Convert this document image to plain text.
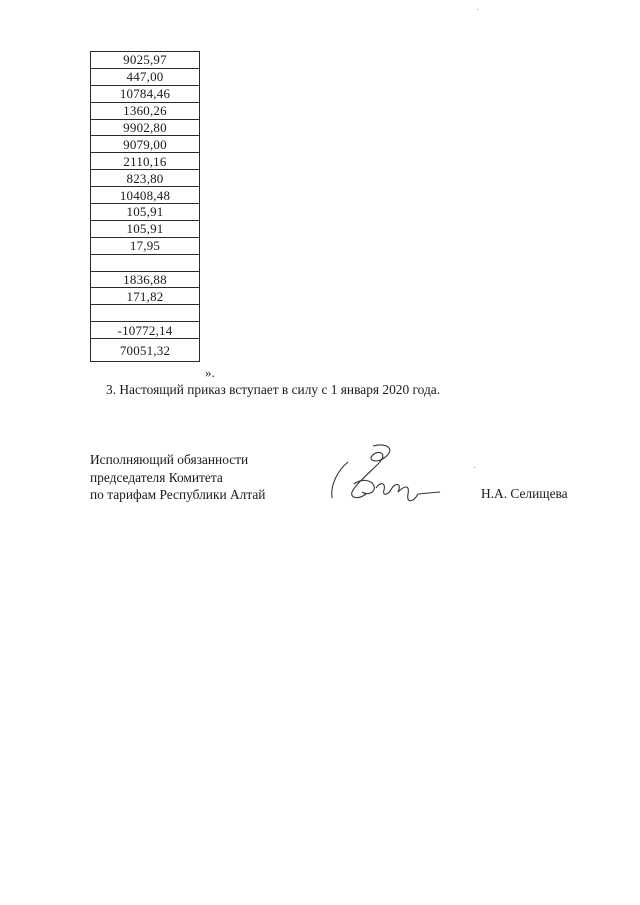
9025,97
447,00
10784,46
1360,26
9902,80
9079,00
2110,16
823,80
10408,48
105,91
105,91
17,95

1836,88
171,82

-10772,14
70051,32
».
3. Настоящий приказ вступает в силу с 1 января 2020 года.
Исполняющий обязанности
председателя Комитета
по тарифам Республики Алтай	Н.А. Селищева
